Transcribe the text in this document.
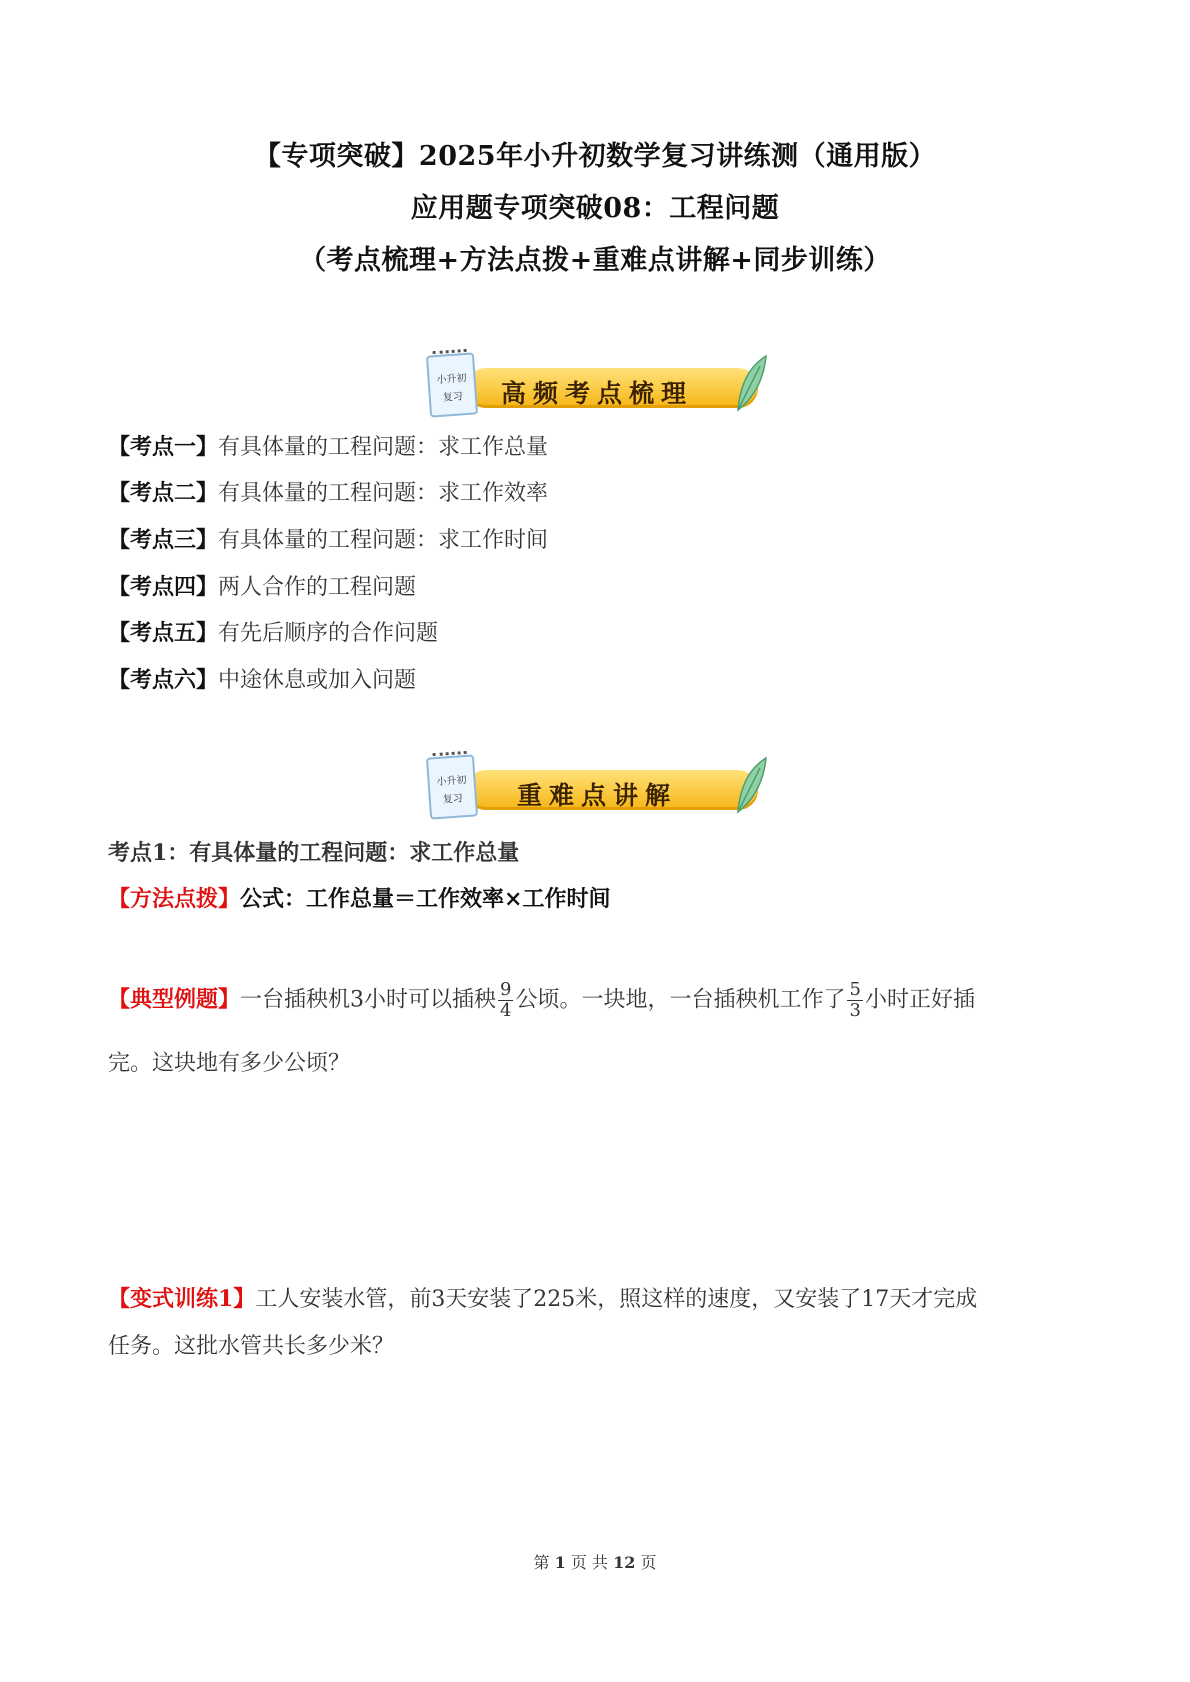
【专项突破】2025年小升初数学复习讲练测（通用版）
应用题专项突破08：工程问题
（考点梳理+方法点拨+重难点讲解+同步训练）
高频考点梳理
小升初
复习
【考点一】有具体量的工程问题：求工作总量
【考点二】有具体量的工程问题：求工作效率
【考点三】有具体量的工程问题：求工作时间
【考点四】两人合作的工程问题
【考点五】有先后顺序的合作问题
【考点六】中途休息或加入问题
重难点讲解
小升初
复习
考点1：有具体量的工程问题：求工作总量
【方法点拨】公式：工作总量＝工作效率×工作时间
【典型例题】一台插秧机3小时可以插秧 $\frac{9}{4}$ 公顷。一块地，一台插秧机工作了 $\frac{5}{3}$ 小时正好插
完。这块地有多少公顷？
【变式训练1】工人安装水管，前3天安装了225米，照这样的速度，又安装了17天才完成
任务。这批水管共长多少米？
第 1 页 共 12 页
